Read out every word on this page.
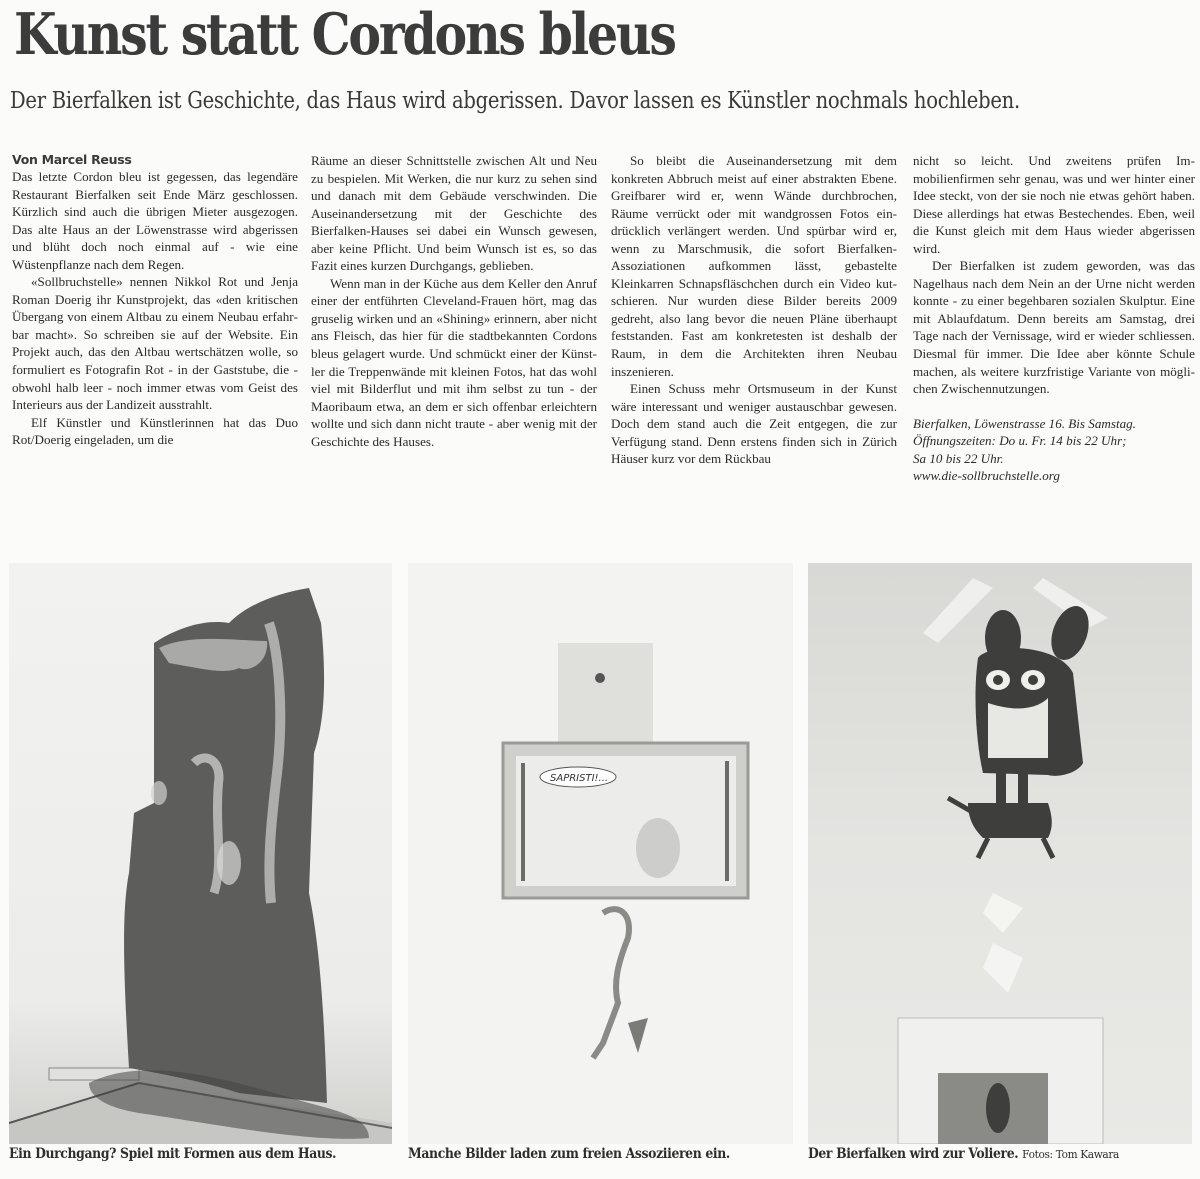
Kunst statt Cordons bleus
Der Bierfalken ist Geschichte, das Haus wird abgerissen. Davor lassen es Künstler nochmals hochleben.
Von Marcel Reuss

Das letzte Cordon bleu ist gegessen, das legendäre Restaurant Bierfalken seit Ende März geschlossen. Kürzlich sind auch die übrigen Mieter ausgezogen. Das alte Haus an der Löwenstrasse wird abgerissen und blüht doch noch einmal auf - wie eine Wüstenpflanze nach dem Regen.

«Sollbruchstelle» nennen Nikkol Rot und Jenja Roman Doerig ihr Kunstprojekt, das «den kritischen Übergang von einem Altbau zu einem Neubau erfahrbar macht». So schreiben sie auf der Website. Ein Projekt auch, das den Altbau wertschätzen wolle, so formuliert es Fotografin Rot - in der Gaststube, die - obwohl halb leer - noch immer etwas vom Geist des Interieurs aus der Landizeit ausstrahlt.

Elf Künstler und Künstlerinnen hat das Duo Rot/Doerig eingeladen, um die

Räume an dieser Schnittstelle zwischen Alt und Neu zu bespielen. Mit Werken, die nur kurz zu sehen sind und danach mit dem Gebäude verschwinden. Die Auseinandersetzung mit der Geschichte des Bierfalken-Hauses sei dabei ein Wunsch gewesen, aber keine Pflicht. Und beim Wunsch ist es, so das Fazit eines kurzen Durchgangs, geblieben.

Wenn man in der Küche aus dem Keller den Anruf einer der entführten Cleveland-Frauen hört, mag das gruselig wirken und an «Shining» erinnern, aber nicht ans Fleisch, das hier für die stadtbekannten Cordons bleus gelagert wurde. Und schmückt einer der Künstler die Treppenwände mit kleinen Fotos, hat das wohl viel mit Bilderflut und mit ihm selbst zu tun - der Maoribaum etwa, an dem er sich offenbar erleichtern wollte und sich dann nicht traute - aber wenig mit der Geschichte des Hauses.

So bleibt die Auseinandersetzung mit dem konkreten Abbruch meist auf einer abstrakten Ebene. Greifbarer wird er, wenn Wände durchbrochen, Räume verrückt oder mit wandgrossen Fotos eindrücklich verlängert werden. Und spürbar wird er, wenn zu Marschmusik, die sofort Bierfalken-Assoziationen aufkommen lässt, gebastelte Kleinkarren Schnapsfläschchen durch ein Video kutschieren. Nur wurden diese Bilder bereits 2009 gedreht, also lang bevor die neuen Pläne überhaupt feststanden. Fast am konkretesten ist deshalb der Raum, in dem die Architekten ihren Neubau inszenieren.

Einen Schuss mehr Ortsmuseum in der Kunst wäre interessant und weniger austauschbar gewesen. Doch dem stand auch die Zeit entgegen, die zur Verfügung stand. Denn erstens finden sich in Zürich Häuser kurz vor dem Rückbau

nicht so leicht. Und zweitens prüfen Immobilienfirmen sehr genau, was und wer hinter einer Idee steckt, von der sie noch nie etwas gehört haben. Diese allerdings hat etwas Bestechendes. Eben, weil die Kunst gleich mit dem Haus wieder abgerissen wird.

Der Bierfalken ist zudem geworden, was das Nagelhaus nach dem Nein an der Urne nicht werden konnte - zu einer begehbaren sozialen Skulptur. Eine mit Ablaufdatum. Denn bereits am Samstag, drei Tage nach der Vernissage, wird er wieder schliessen. Diesmal für immer. Die Idee aber könnte Schule machen, als weitere kurzfristige Variante von möglichen Zwischennutzungen.

Bierfalken, Löwenstrasse 16. Bis Samstag.
Öffnungszeiten: Do u. Fr. 14 bis 22 Uhr;
Sa 10 bis 22 Uhr.
www.die-sollbruchstelle.org
SAPRISTI!...
Ein Durchgang? Spiel mit Formen aus dem Haus.	Manche Bilder laden zum freien Assoziieren ein.	Der Bierfalken wird zur Voliere. Fotos: Tom Kawara
